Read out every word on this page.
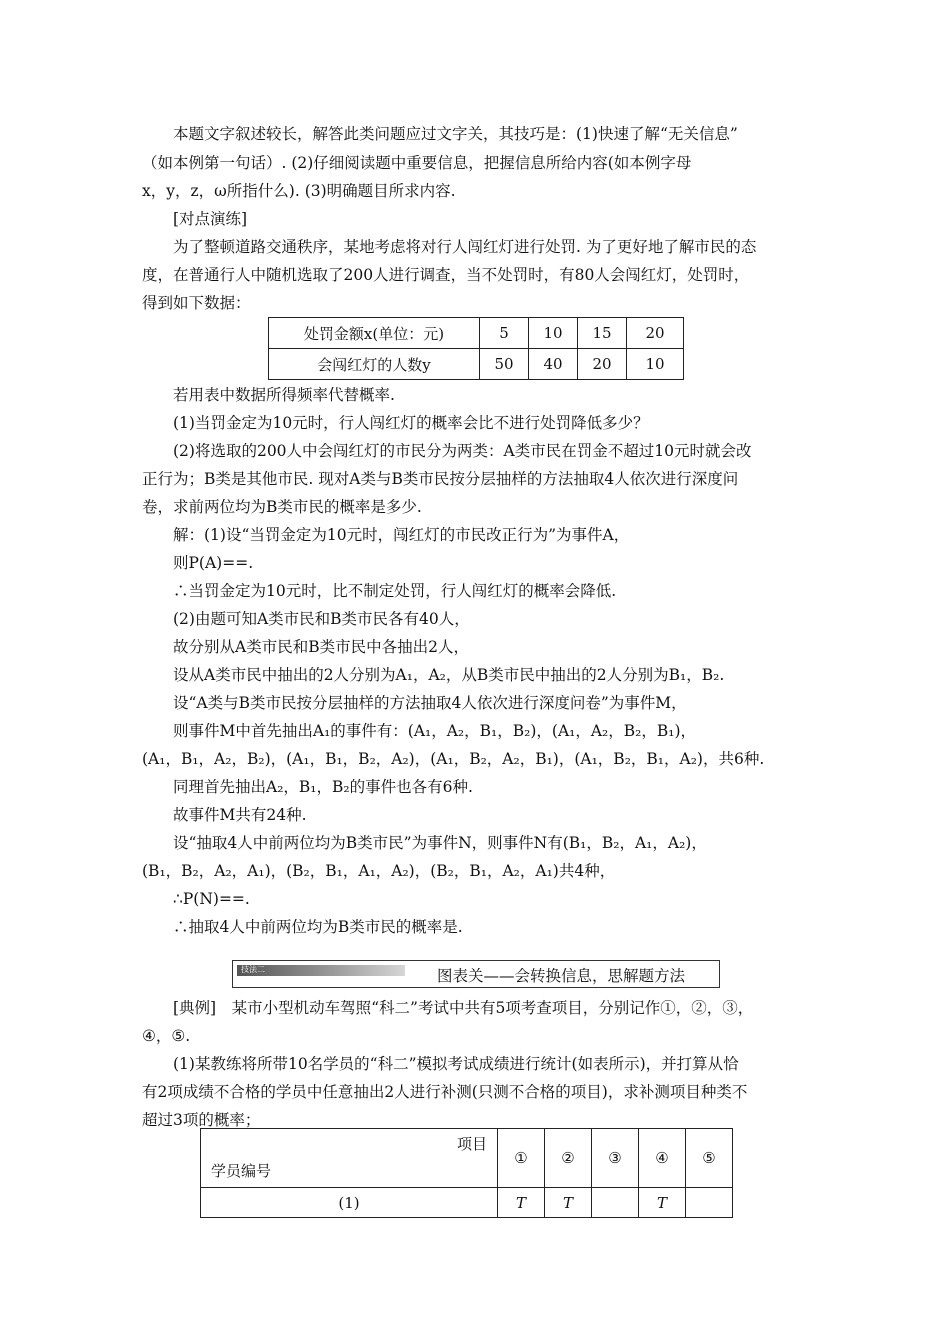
本题文字叙述较长，解答此类问题应过文字关，其技巧是：(1)快速了解“无关信息”
（如本例第一句话）. (2)仔细阅读题中重要信息，把握信息所给内容(如本例字母
x，y，z，ω所指什么). (3)明确题目所求内容.
[对点演练]
为了整顿道路交通秩序，某地考虑将对行人闯红灯进行处罚. 为了更好地了解市民的态
度，在普通行人中随机选取了200人进行调查，当不处罚时，有80人会闯红灯，处罚时，
得到如下数据：
处罚金额x(单位：元)	5	10	15	20
会闯红灯的人数y	50	40	20	10
若用表中数据所得频率代替概率.
(1)当罚金定为10元时，行人闯红灯的概率会比不进行处罚降低多少？
(2)将选取的200人中会闯红灯的市民分为两类：A类市民在罚金不超过10元时就会改
正行为；B类是其他市民. 现对A类与B类市民按分层抽样的方法抽取4人依次进行深度问
卷，求前两位均为B类市民的概率是多少.
解：(1)设“当罚金定为10元时，闯红灯的市民改正行为”为事件A，
则P(A)==.
∴当罚金定为10元时，比不制定处罚，行人闯红灯的概率会降低.
(2)由题可知A类市民和B类市民各有40人，
故分别从A类市民和B类市民中各抽出2人，
设从A类市民中抽出的2人分别为A₁，A₂，从B类市民中抽出的2人分别为B₁，B₂.
设“A类与B类市民按分层抽样的方法抽取4人依次进行深度问卷”为事件M，
则事件M中首先抽出A₁的事件有：(A₁，A₂，B₁，B₂)，(A₁，A₂，B₂，B₁)，
(A₁，B₁，A₂，B₂)，(A₁，B₁，B₂，A₂)，(A₁，B₂，A₂，B₁)，(A₁，B₂，B₁，A₂)，共6种.
同理首先抽出A₂，B₁，B₂的事件也各有6种.
故事件M共有24种.
设“抽取4人中前两位均为B类市民”为事件N，则事件N有(B₁，B₂，A₁，A₂)，
(B₁，B₂，A₂，A₁)，(B₂，B₁，A₁，A₂)，(B₂，B₁，A₂，A₁)共4种，
∴P(N)==.
∴抽取4人中前两位均为B类市民的概率是.
技法二	图表关——会转换信息，思解题方法
[典例]　某市小型机动车驾照“科二”考试中共有5项考查项目，分别记作①，②，③，
④，⑤.
(1)某教练将所带10名学员的“科二”模拟考试成绩进行统计(如表所示)，并打算从恰
有2项成绩不合格的学员中任意抽出2人进行补测(只测不合格的项目)，求补测项目种类不
超过3项的概率；
项目
学员编号	①	②	③	④	⑤
(1)	T	T		T	
